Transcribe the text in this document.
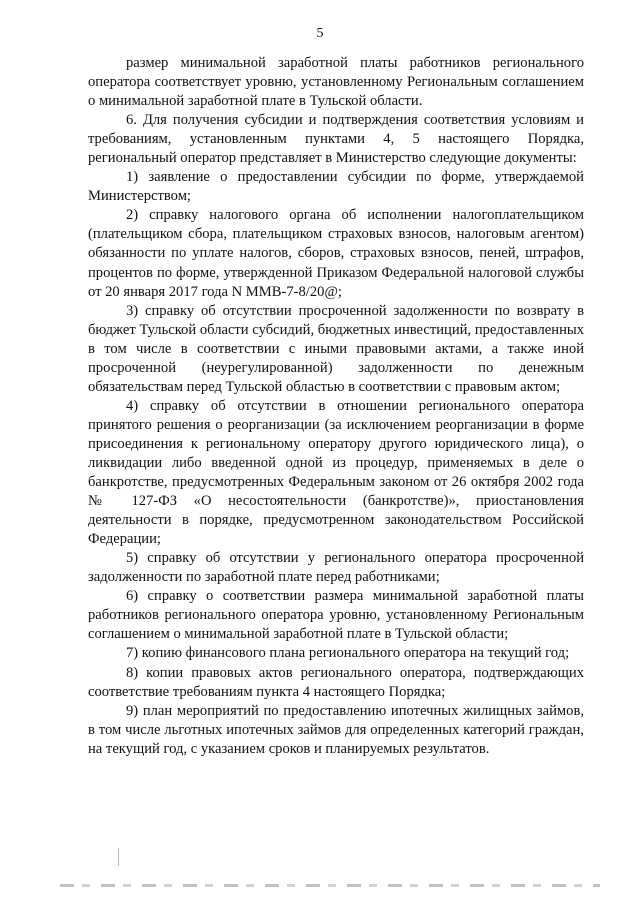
5

размер минимальной заработной платы работников регионального оператора соответствует уровню, установленному Региональным соглашением о минимальной заработной плате в Тульской области.

6. Для получения субсидии и подтверждения соответствия условиям и требованиям, установленным пунктами 4, 5 настоящего Порядка, региональный оператор представляет в Министерство следующие документы:

1) заявление о предоставлении субсидии по форме, утверждаемой Министерством;

2) справку налогового органа об исполнении налогоплательщиком (плательщиком сбора, плательщиком страховых взносов, налоговым агентом) обязанности по уплате налогов, сборов, страховых взносов, пеней, штрафов, процентов по форме, утвержденной Приказом Федеральной налоговой службы от 20 января 2017 года N ММВ-7-8/20@;

3) справку об отсутствии просроченной задолженности по возврату в бюджет Тульской области субсидий, бюджетных инвестиций, предоставленных в том числе в соответствии с иными правовыми актами, а также иной просроченной (неурегулированной) задолженности по денежным обязательствам перед Тульской областью в соответствии с правовым актом;

4) справку об отсутствии в отношении регионального оператора принятого решения о реорганизации (за исключением реорганизации в форме присоединения к региональному оператору другого юридического лица), о ликвидации либо введенной одной из процедур, применяемых в деле о банкротстве, предусмотренных Федеральным законом от 26 октября 2002 года № 127-ФЗ «О несостоятельности (банкротстве)», приостановления деятельности в порядке, предусмотренном законодательством Российской Федерации;

5) справку об отсутствии у регионального оператора просроченной задолженности по заработной плате перед работниками;

6) справку о соответствии размера минимальной заработной платы работников регионального оператора уровню, установленному Региональным соглашением о минимальной заработной плате в Тульской области;

7) копию финансового плана регионального оператора на текущий год;

8) копии правовых актов регионального оператора, подтверждающих соответствие требованиям пункта 4 настоящего Порядка;

9) план мероприятий по предоставлению ипотечных жилищных займов, в том числе льготных ипотечных займов для определенных категорий граждан, на текущий год, с указанием сроков и планируемых результатов.
